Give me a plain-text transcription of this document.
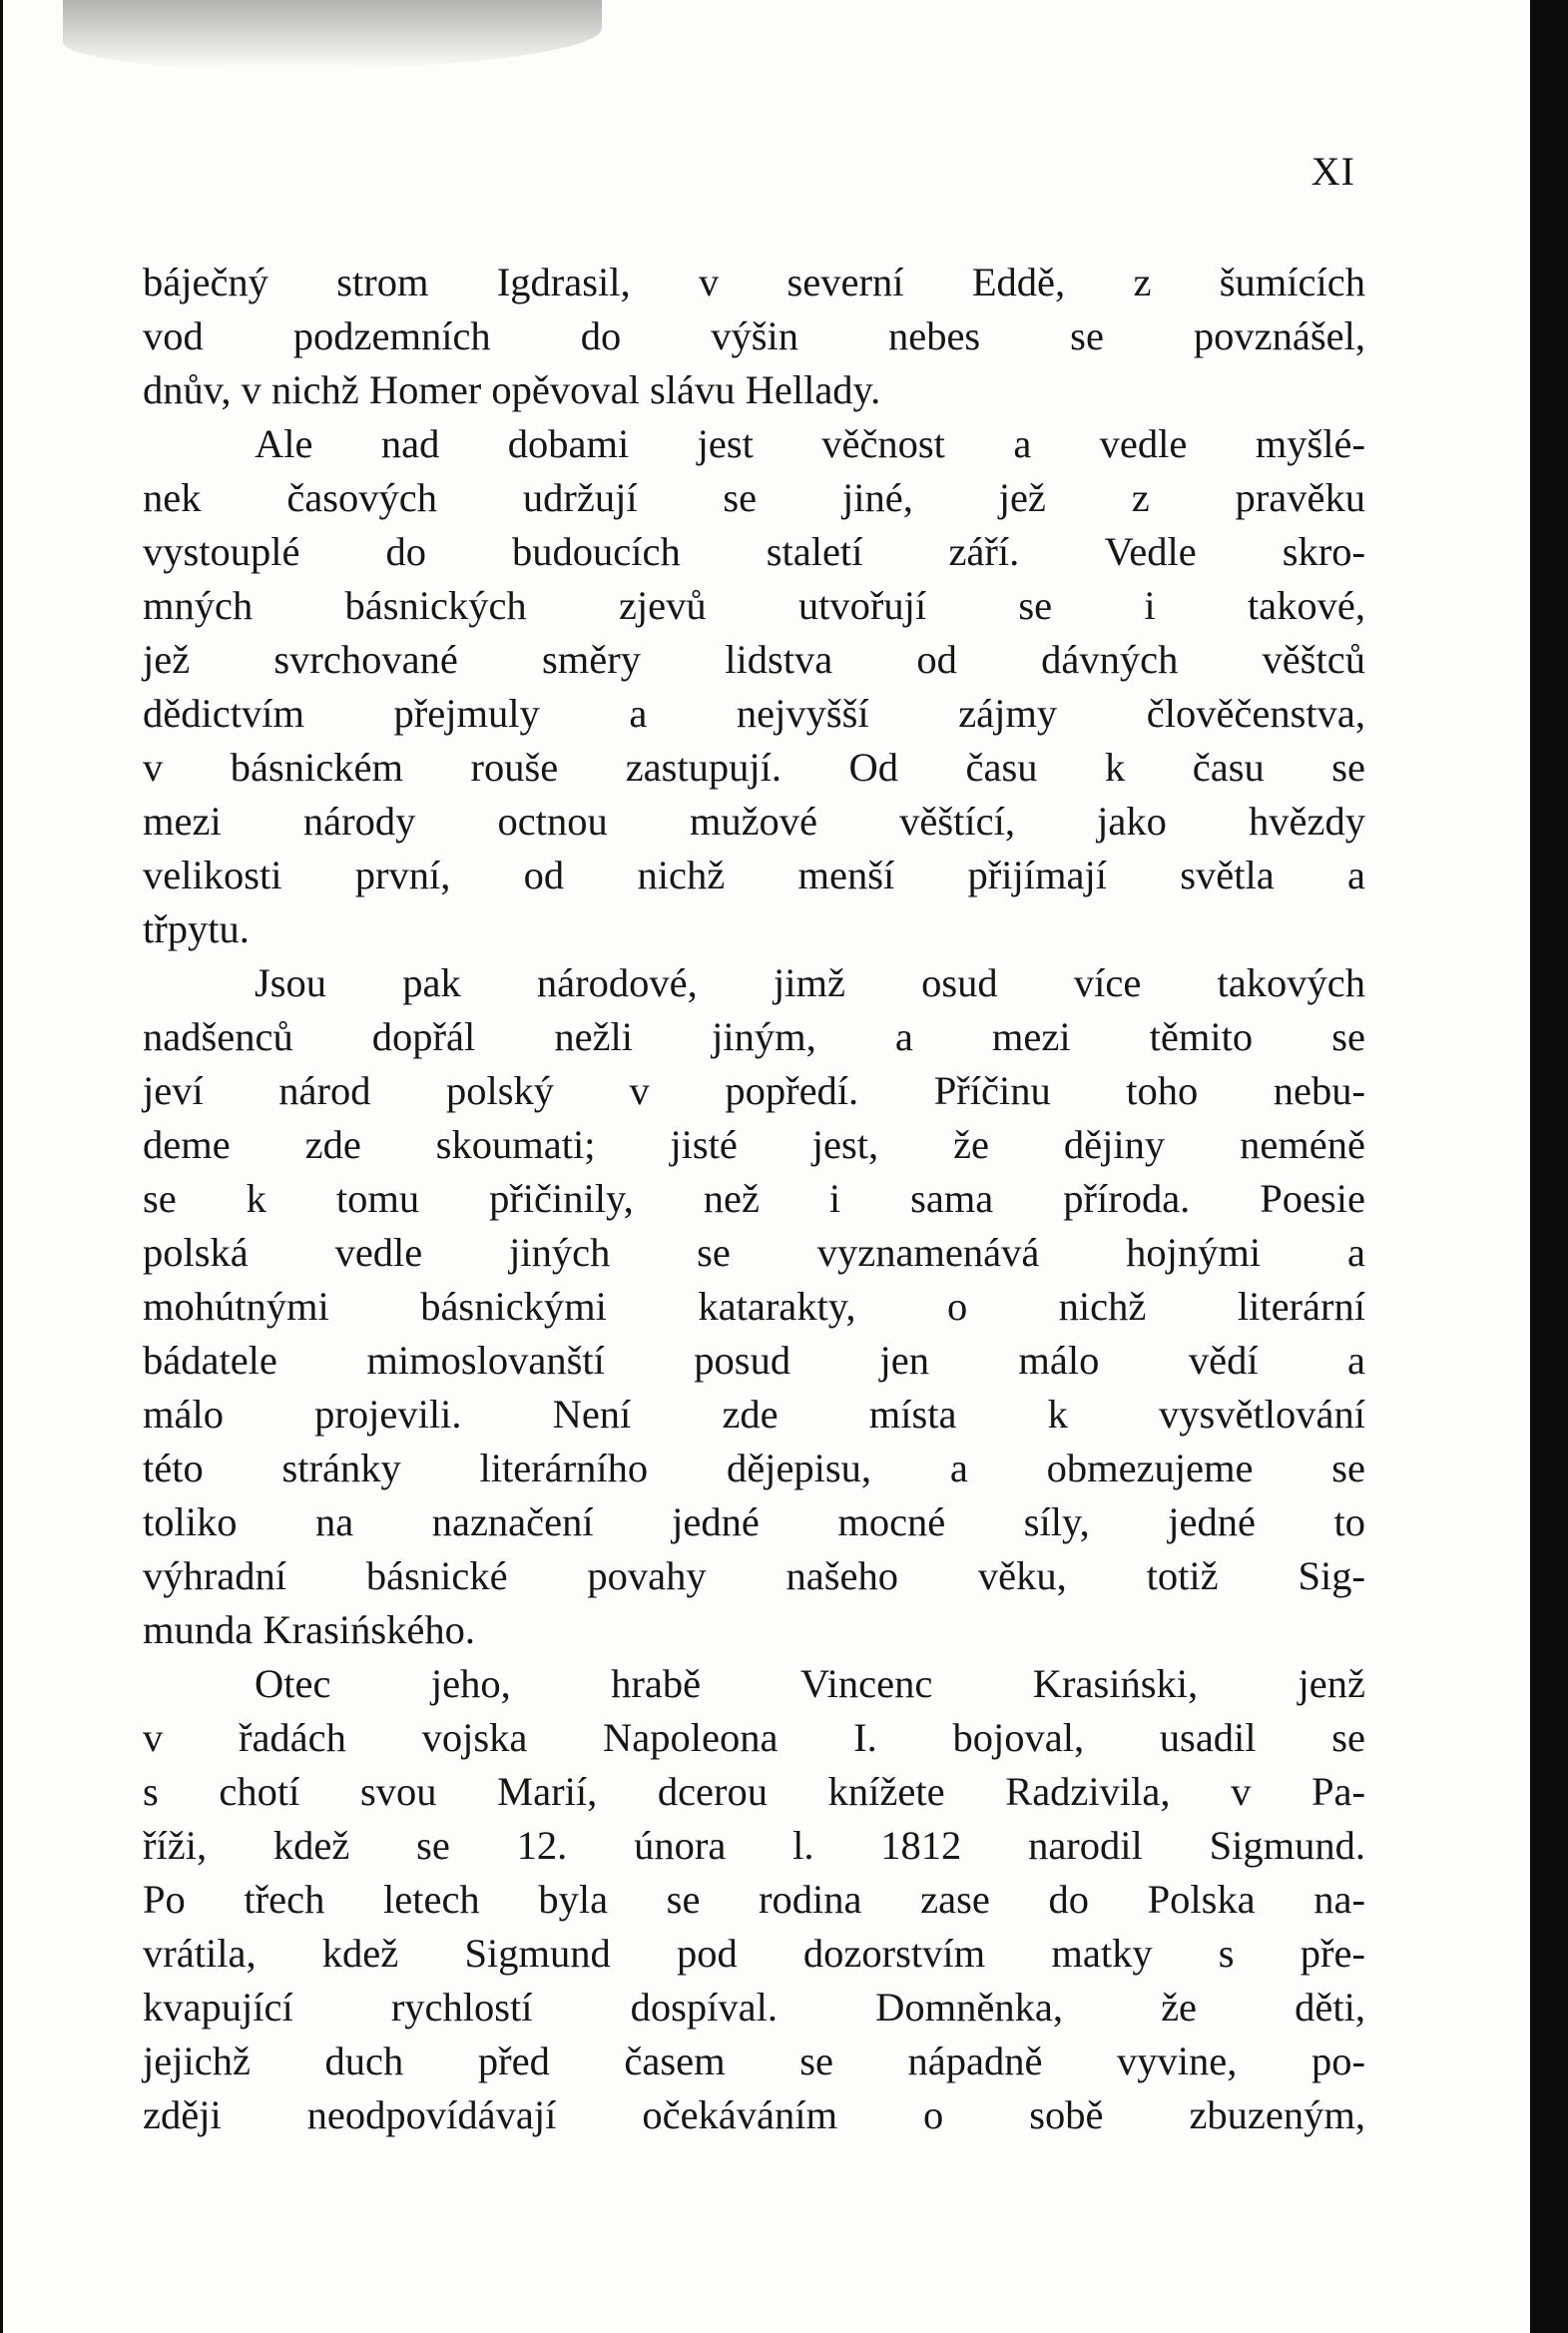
XI
báječný strom Igdrasil, v severní Eddě, z šumících
vod podzemních do výšin nebes se povznášel,
dnův, v nichž Homer opěvoval slávu Hellady.
Ale nad dobami jest věčnost a vedle myšlé-
nek časových udržují se jiné, jež z pravěku
vystouplé do budoucích staletí září. Vedle skro-
mných básnických zjevů utvořují se i takové,
jež svrchované směry lidstva od dávných věštců
dědictvím přejmuly a nejvyšší zájmy člověčenstva,
v básnickém rouše zastupují. Od času k času se
mezi národy octnou mužové věštící, jako hvězdy
velikosti první, od nichž menší přijímají světla a
třpytu.
Jsou pak národové, jimž osud více takových
nadšenců dopřál nežli jiným, a mezi těmito se
jeví národ polský v popředí. Příčinu toho nebu-
deme zde skoumati; jisté jest, že dějiny neméně
se k tomu přičinily, než i sama příroda. Poesie
polská vedle jiných se vyznamenává hojnými a
mohútnými básnickými katarakty, o nichž literární
bádatele mimoslovanští posud jen málo vědí a
málo projevili. Není zde místa k vysvětlování
této stránky literárního dějepisu, a obmezujeme se
toliko na naznačení jedné mocné síly, jedné to
výhradní básnické povahy našeho věku, totiž Sig-
munda Krasińského.
Otec jeho, hrabě Vincenc Krasiński, jenž
v řadách vojska Napoleona I. bojoval, usadil se
s chotí svou Marií, dcerou knížete Radzivila, v Pa-
říži, kdež se 12. února l. 1812 narodil Sigmund.
Po třech letech byla se rodina zase do Polska na-
vrátila, kdež Sigmund pod dozorstvím matky s pře-
kvapující rychlostí dospíval. Domněnka, že děti,
jejichž duch před časem se nápadně vyvine, po-
zději neodpovídávají očekáváním o sobě zbuzeným,
